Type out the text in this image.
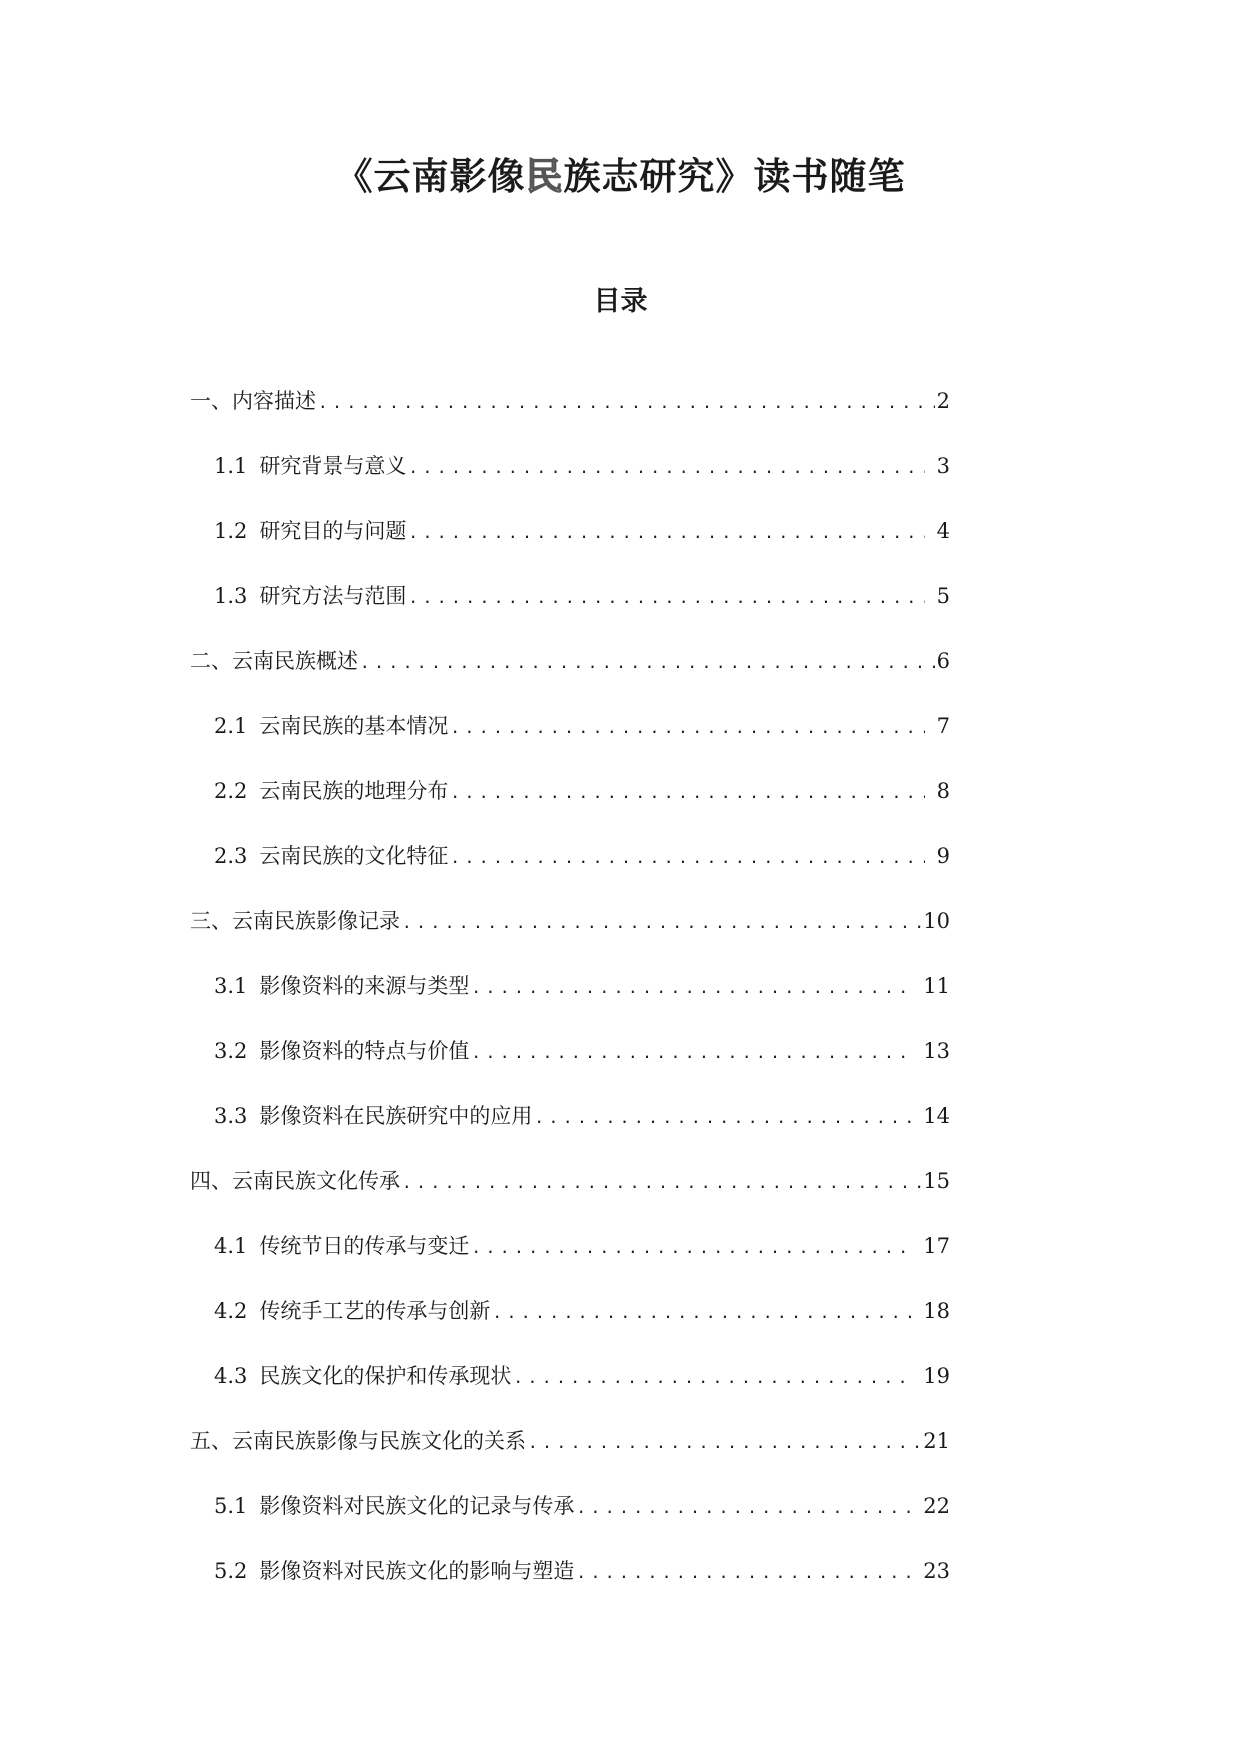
《云南影像民族志研究》读书随笔
目录
一、内容描述 .....	2
1.1 研究背景与意义 .....	3
1.2 研究目的与问题 .....	4
1.3 研究方法与范围 .....	5
二、云南民族概述 .....	6
2.1 云南民族的基本情况 .....	7
2.2 云南民族的地理分布 .....	8
2.3 云南民族的文化特征 .....	9
三、云南民族影像记录 .....	10
3.1 影像资料的来源与类型 .....	11
3.2 影像资料的特点与价值 .....	13
3.3 影像资料在民族研究中的应用 .....	14
四、云南民族文化传承 .....	15
4.1 传统节日的传承与变迁 .....	17
4.2 传统手工艺的传承与创新 .....	18
4.3 民族文化的保护和传承现状 .....	19
五、云南民族影像与民族文化的关系 .....	21
5.1 影像资料对民族文化的记录与传承 .....	22
5.2 影像资料对民族文化的影响与塑造 .....	23
